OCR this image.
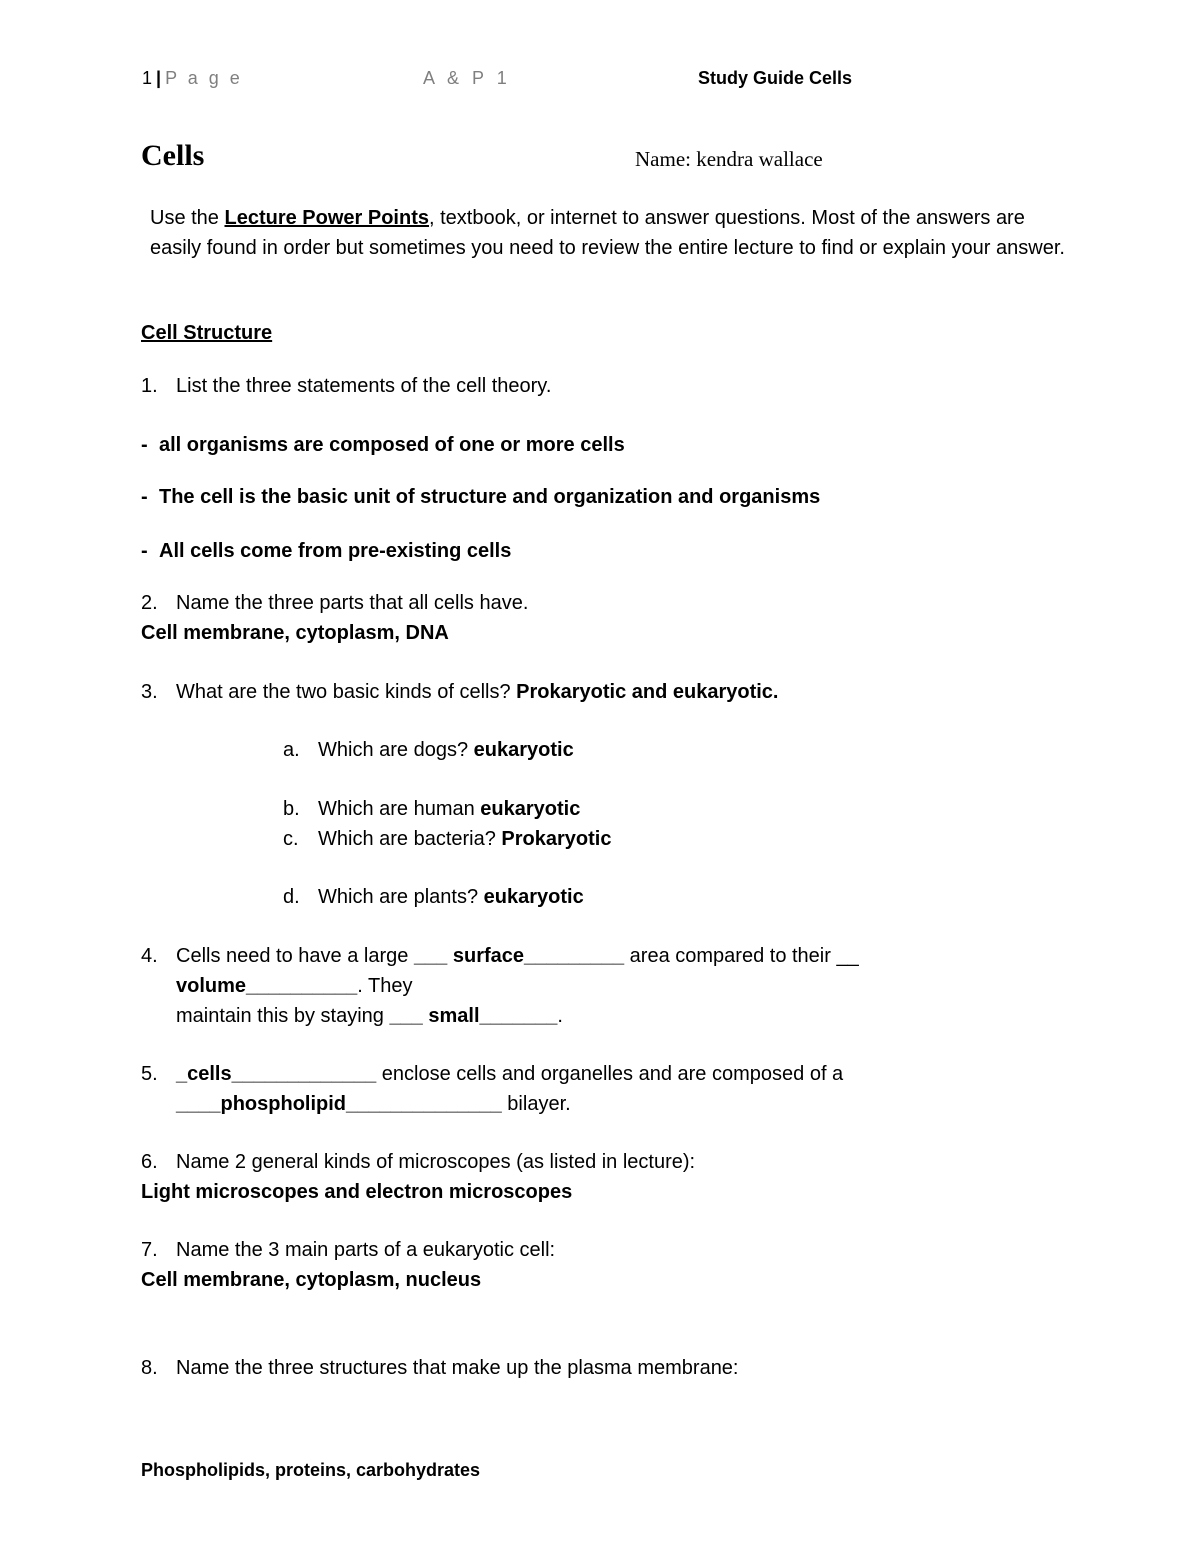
1 | P a g e	A & P 1	Study Guide Cells
Cells	Name: kendra wallace
Use the Lecture Power Points, textbook, or internet to answer questions. Most of the answers are easily found in order but sometimes you need to review the entire lecture to find or explain your answer.
Cell Structure
1. List the three statements of the cell theory.
- all organisms are composed of one or more cells
- The cell is the basic unit of structure and organization and organisms
- All cells come from pre-existing cells
2. Name the three parts that all cells have.
Cell membrane, cytoplasm, DNA
3. What are the two basic kinds of cells? Prokaryotic and eukaryotic.
a. Which are dogs? eukaryotic
b. Which are human eukaryotic
c. Which are bacteria? Prokaryotic
d. Which are plants? eukaryotic
4. Cells need to have a large ___ surface_________ area compared to their __
volume__________. They
maintain this by staying ___ small_______.
5. _cells_____________ enclose cells and organelles and are composed of a
____phospholipid______________ bilayer.
6. Name 2 general kinds of microscopes (as listed in lecture):
Light microscopes and electron microscopes
7. Name the 3 main parts of a eukaryotic cell:
Cell membrane, cytoplasm, nucleus
8. Name the three structures that make up the plasma membrane:
Phospholipids, proteins, carbohydrates
